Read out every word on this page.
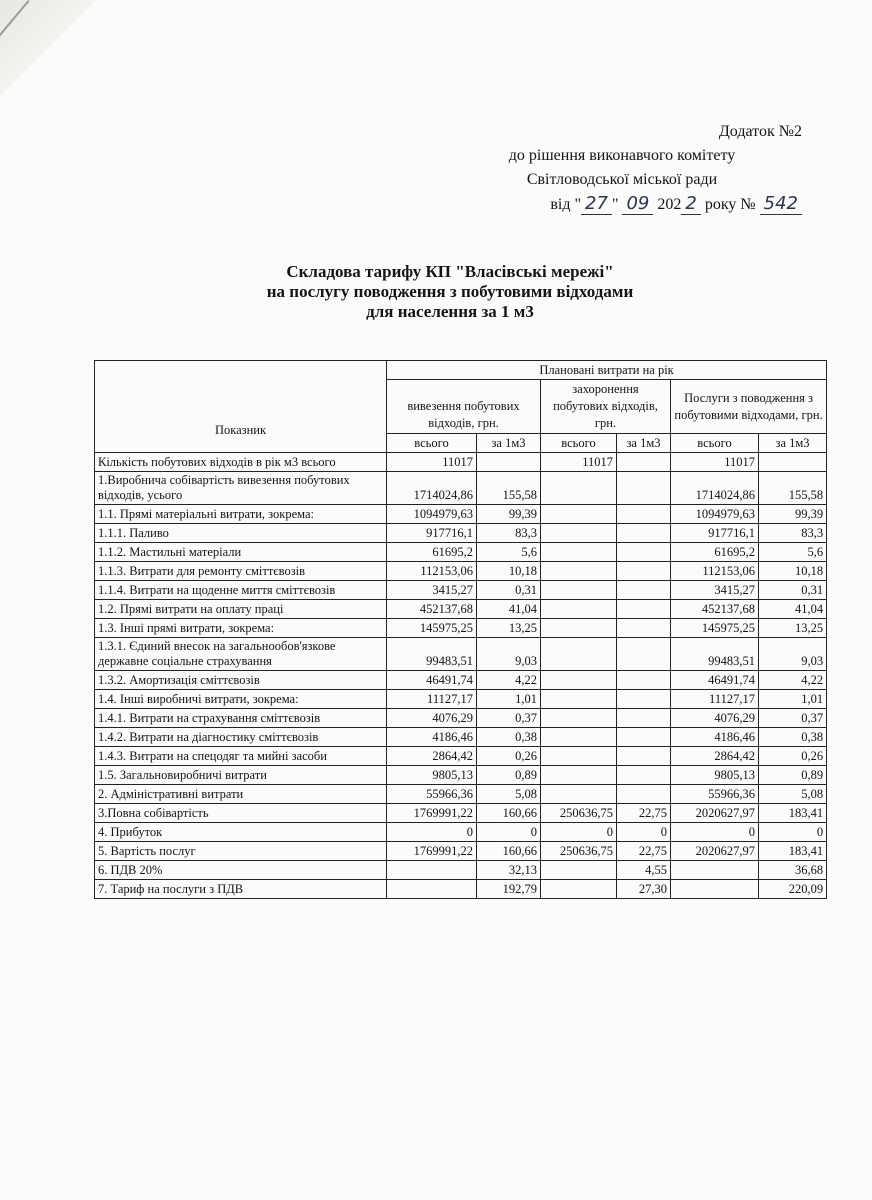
Додаток №2
до рішення виконавчого комітету
Світловодської міської ради
від " 27 " 09 202 2 року № 542
Складова тарифу КП "Власівські мережі"
на послугу поводження з побутовими відходами
для населення за 1 м3
Показник	Плановані витрати на рік					
	вивезення побутових відходів, грн.		захоронення побутових відходів, грн.		Послуги з поводження з побутовими відходами, грн.	
	всього	за 1м3	всього	за 1м3	всього	за 1м3
Кількість побутових відходів в рік м3 всього	11017		11017		11017	
1.Виробнича собівартість вивезення побутових відходів, усього	1714024,86	155,58			1714024,86	155,58
1.1. Прямі матеріальні витрати, зокрема:	1094979,63	99,39			1094979,63	99,39
1.1.1. Паливо	917716,1	83,3			917716,1	83,3
1.1.2. Мастильні матеріали	61695,2	5,6			61695,2	5,6
1.1.3. Витрати для ремонту сміттєвозів	112153,06	10,18			112153,06	10,18
1.1.4. Витрати на щоденне миття сміттєвозів	3415,27	0,31			3415,27	0,31
1.2. Прямі витрати на оплату праці	452137,68	41,04			452137,68	41,04
1.3. Інші прямі витрати, зокрема:	145975,25	13,25			145975,25	13,25
1.3.1. Єдиний внесок на загальнообов'язкове державне соціальне страхування	99483,51	9,03			99483,51	9,03
1.3.2. Амортизація сміттєвозів	46491,74	4,22			46491,74	4,22
1.4. Інші виробничі витрати, зокрема:	11127,17	1,01			11127,17	1,01
1.4.1. Витрати на страхування сміттєвозів	4076,29	0,37			4076,29	0,37
1.4.2. Витрати на діагностику сміттєвозів	4186,46	0,38			4186,46	0,38
1.4.3. Витрати на спецодяг та мийні засоби	2864,42	0,26			2864,42	0,26
1.5. Загальновиробничі витрати	9805,13	0,89			9805,13	0,89
2. Адміністративні витрати	55966,36	5,08			55966,36	5,08
3.Повна собівартість	1769991,22	160,66	250636,75	22,75	2020627,97	183,41
4. Прибуток	0	0	0	0	0	0
5. Вартість послуг	1769991,22	160,66	250636,75	22,75	2020627,97	183,41
6. ПДВ 20%		32,13		4,55		36,68
7. Тариф на послуги з ПДВ		192,79		27,30		220,09
